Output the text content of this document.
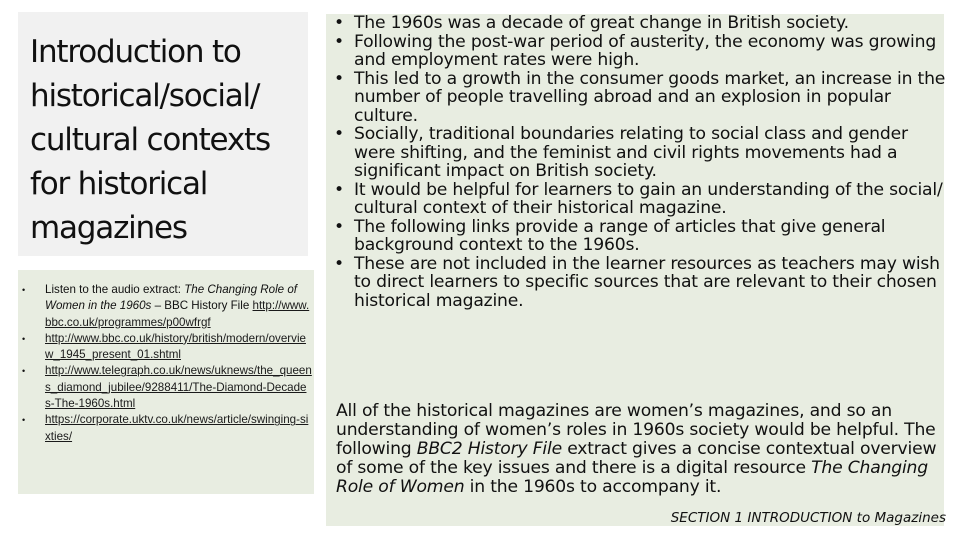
Introduction to historical/social/ cultural contexts for historical magazines
• Listen to the audio extract: The Changing Role of Women in the 1960s – BBC History File http://www.bbc.co.uk/programmes/p00wfrgf
• http://www.bbc.co.uk/history/british/modern/overview_1945_present_01.shtml
• http://www.telegraph.co.uk/news/uknews/the_queens_diamond_jubilee/9288411/The-Diamond-Decades-The-1960s.html
• https://corporate.uktv.co.uk/news/article/swinging-sixties/
• The 1960s was a decade of great change in British society.
• Following the post-war period of austerity, the economy was growing and employment rates were high.
• This led to a growth in the consumer goods market, an increase in the number of people travelling abroad and an explosion in popular culture.
• Socially, traditional boundaries relating to social class and gender were shifting, and the feminist and civil rights movements had a significant impact on British society.
• It would be helpful for learners to gain an understanding of the social/ cultural context of their historical magazine.
• The following links provide a range of articles that give general background context to the 1960s.
• These are not included in the learner resources as teachers may wish to direct learners to specific sources that are relevant to their chosen historical magazine.

All of the historical magazines are women’s magazines, and so an understanding of women’s roles in 1960s society would be helpful. The following BBC2 History File extract gives a concise contextual overview of some of the key issues and there is a digital resource The Changing Role of Women in the 1960s to accompany it.

SECTION 1 INTRODUCTION to Magazines
